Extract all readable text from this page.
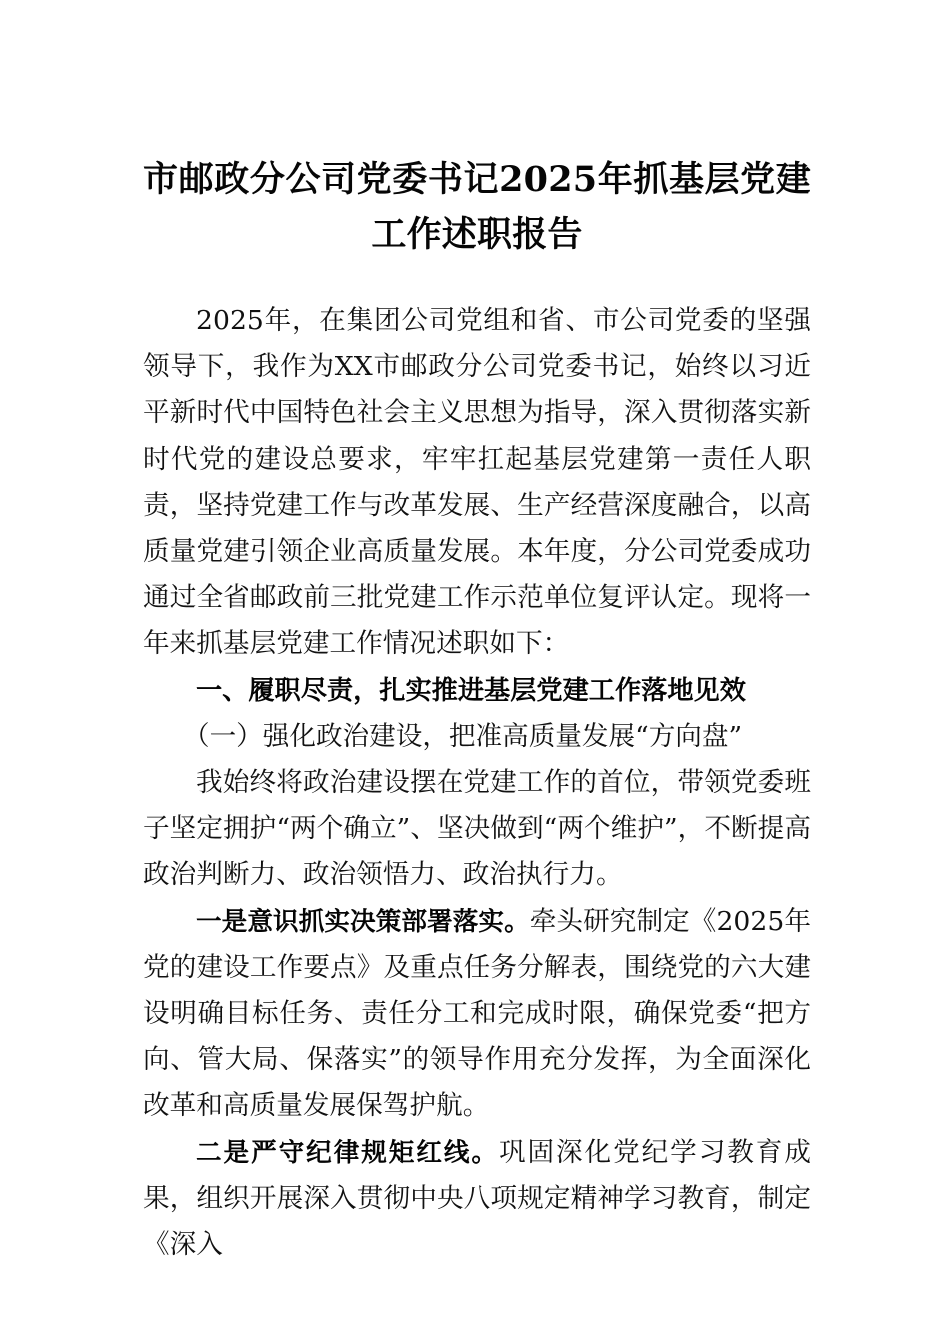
市邮政分公司党委书记2025年抓基层党建
工作述职报告

2025年，在集团公司党组和省、市公司党委的坚强领导下，我作为XX市邮政分公司党委书记，始终以习近平新时代中国特色社会主义思想为指导，深入贯彻落实新时代党的建设总要求，牢牢扛起基层党建第一责任人职责，坚持党建工作与改革发展、生产经营深度融合，以高质量党建引领企业高质量发展。本年度，分公司党委成功通过全省邮政前三批党建工作示范单位复评认定。现将一年来抓基层党建工作情况述职如下：

一、履职尽责，扎实推进基层党建工作落地见效

（一）强化政治建设，把准高质量发展“方向盘”

我始终将政治建设摆在党建工作的首位，带领党委班子坚定拥护“两个确立”、坚决做到“两个维护”，不断提高政治判断力、政治领悟力、政治执行力。

一是意识抓实决策部署落实。牵头研究制定《2025年党的建设工作要点》及重点任务分解表，围绕党的六大建设明确目标任务、责任分工和完成时限，确保党委“把方向、管大局、保落实”的领导作用充分发挥，为全面深化改革和高质量发展保驾护航。

二是严守纪律规矩红线。巩固深化党纪学习教育成果，组织开展深入贯彻中央八项规定精神学习教育，制定《深入
